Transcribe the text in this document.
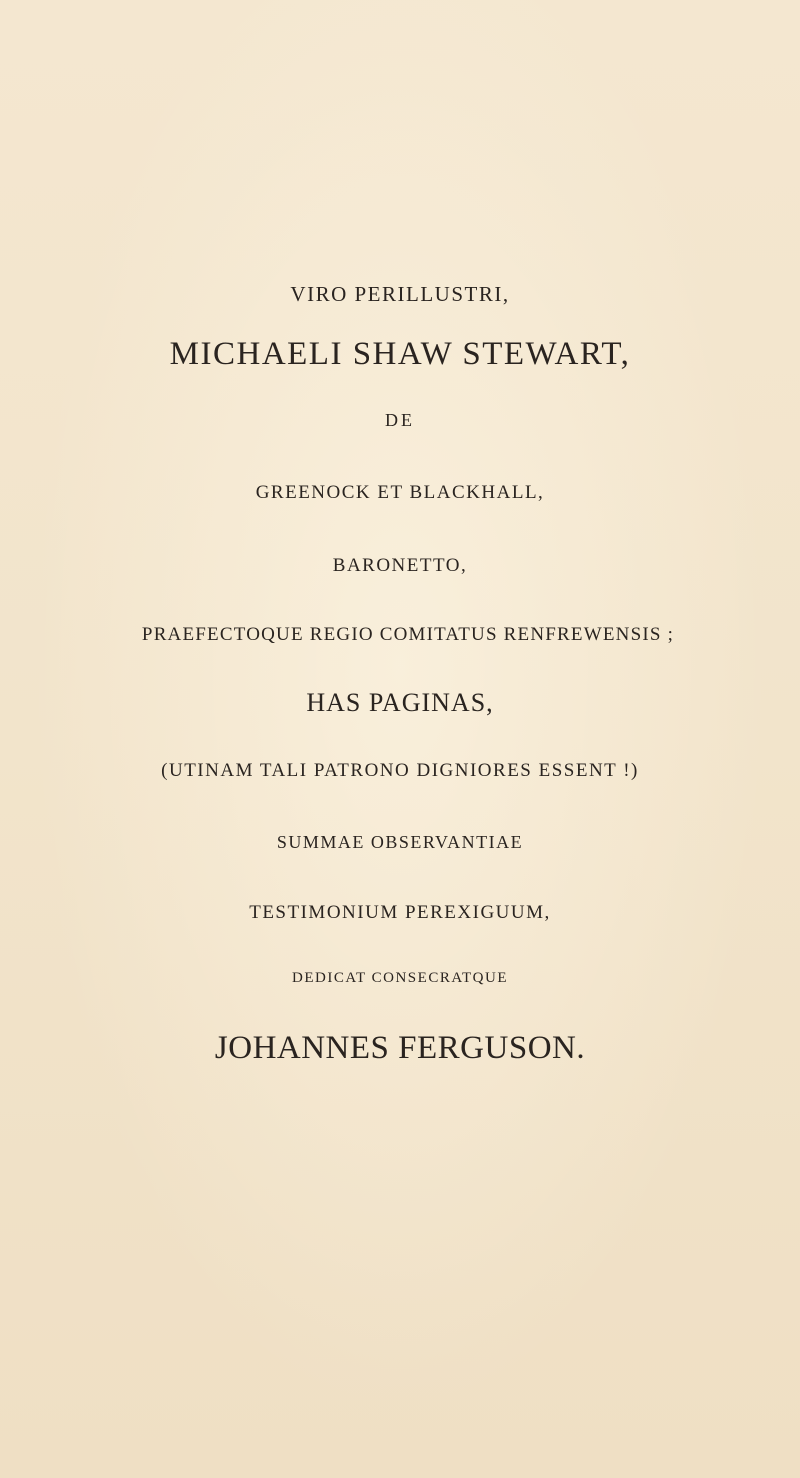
VIRO PERILLUSTRI,
MICHAELI SHAW STEWART,
DE
GREENOCK ET BLACKHALL,
BARONETTO,
PRAEFECTOQUE REGIO COMITATUS RENFREWENSIS ;
HAS PAGINAS,
(UTINAM TALI PATRONO DIGNIORES ESSENT !)
SUMMAE OBSERVANTIAE
TESTIMONIUM PEREXIGUUM,
DEDICAT CONSECRATQUE
JOHANNES FERGUSON.
